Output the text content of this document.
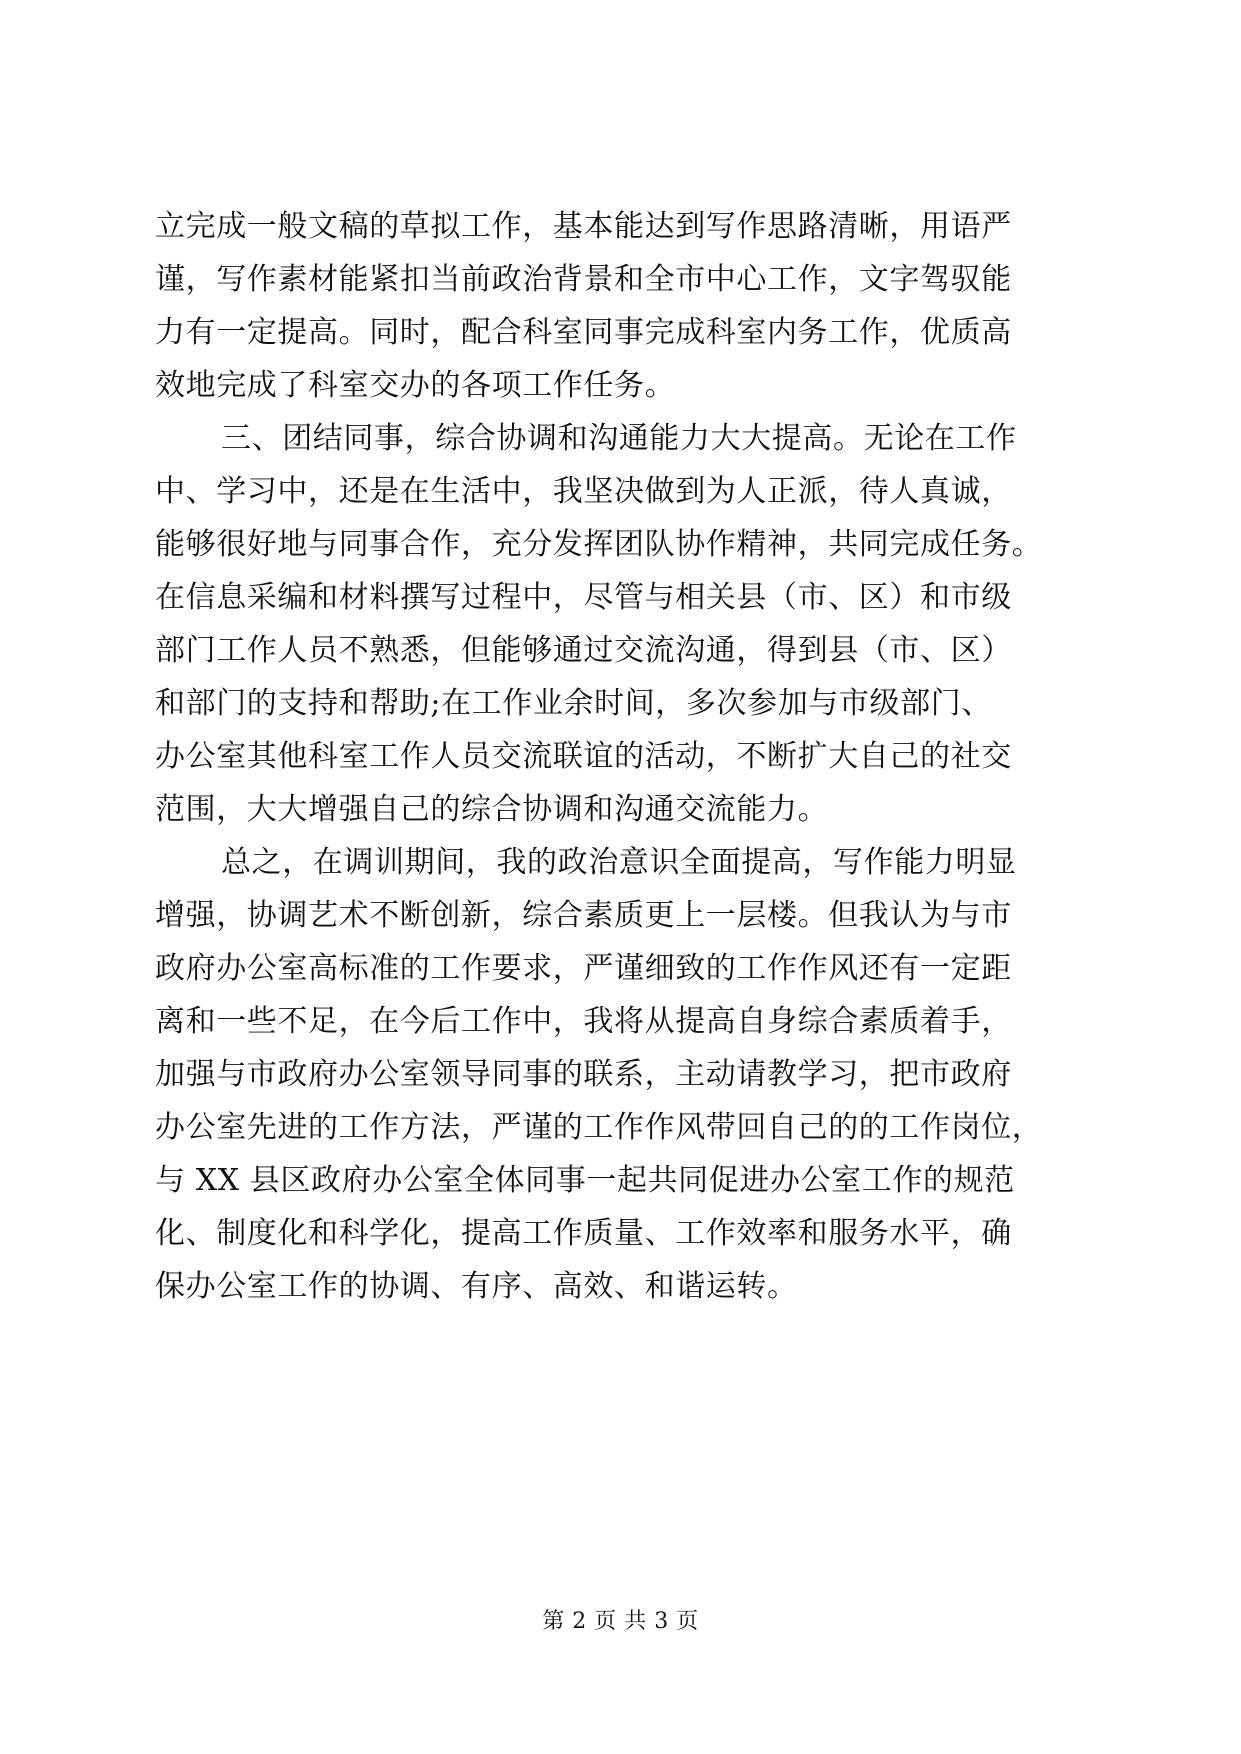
立完成一般文稿的草拟工作，基本能达到写作思路清晰，用语严
谨，写作素材能紧扣当前政治背景和全市中心工作，文字驾驭能
力有一定提高。同时，配合科室同事完成科室内务工作，优质高
效地完成了科室交办的各项工作任务。

三、团结同事，综合协调和沟通能力大大提高。无论在工作
中、学习中，还是在生活中，我坚决做到为人正派，待人真诚，
能够很好地与同事合作，充分发挥团队协作精神，共同完成任务。
在信息采编和材料撰写过程中，尽管与相关县（市、区）和市级
部门工作人员不熟悉，但能够通过交流沟通，得到县（市、区）
和部门的支持和帮助;在工作业余时间，多次参加与市级部门、
办公室其他科室工作人员交流联谊的活动，不断扩大自己的社交
范围，大大增强自己的综合协调和沟通交流能力。

总之，在调训期间，我的政治意识全面提高，写作能力明显
增强，协调艺术不断创新，综合素质更上一层楼。但我认为与市
政府办公室高标准的工作要求，严谨细致的工作作风还有一定距
离和一些不足，在今后工作中，我将从提高自身综合素质着手，
加强与市政府办公室领导同事的联系，主动请教学习，把市政府
办公室先进的工作方法，严谨的工作作风带回自己的的工作岗位，
与 XX 县区政府办公室全体同事一起共同促进办公室工作的规范
化、制度化和科学化，提高工作质量、工作效率和服务水平，确
保办公室工作的协调、有序、高效、和谐运转。

第 2 页 共 3 页
